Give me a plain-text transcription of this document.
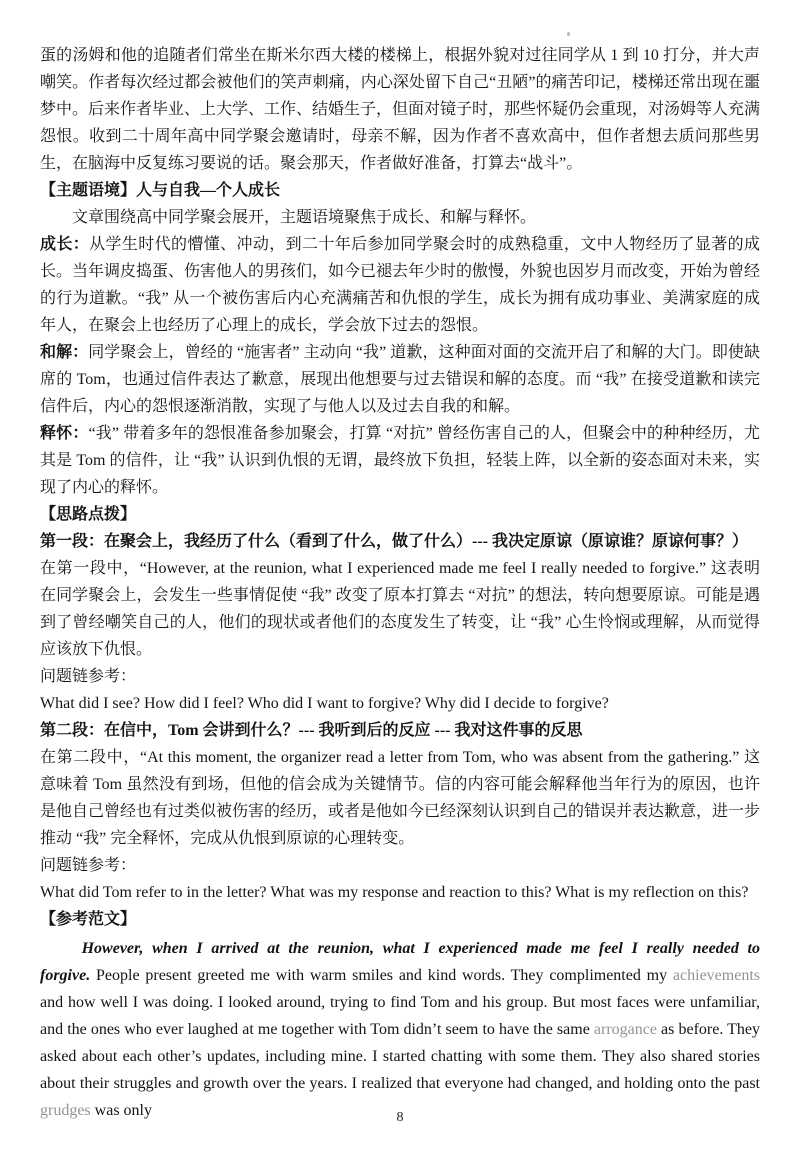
蛋的汤姆和他的追随者们常坐在斯米尔西大楼的楼梯上，根据外貌对过往同学从 1 到 10 打分，并大声嘲笑。作者每次经过都会被他们的笑声刺痛，内心深处留下自己“丑陋”的痛苦印记，楼梯还常出现在噩梦中。后来作者毕业、上大学、工作、结婚生子，但面对镜子时，那些怀疑仍会重现，对汤姆等人充满怨恨。收到二十周年高中同学聚会邀请时，母亲不解，因为作者不喜欢高中，但作者想去质问那些男生，在脑海中反复练习要说的话。聚会那天，作者做好准备，打算去“战斗”。

【主题语境】人与自我—个人成长

文章围绕高中同学聚会展开，主题语境聚焦于成长、和解与释怀。

成长：从学生时代的懵懂、冲动，到二十年后参加同学聚会时的成熟稳重，文中人物经历了显著的成长。当年调皮捣蛋、伤害他人的男孩们，如今已褪去年少时的傲慢，外貌也因岁月而改变，开始为曾经的行为道歉。“我” 从一个被伤害后内心充满痛苦和仇恨的学生，成长为拥有成功事业、美满家庭的成年人，在聚会上也经历了心理上的成长，学会放下过去的怨恨。

和解：同学聚会上，曾经的 “施害者” 主动向 “我” 道歉，这种面对面的交流开启了和解的大门。即使缺席的 Tom，也通过信件表达了歉意，展现出他想要与过去错误和解的态度。而 “我” 在接受道歉和读完信件后，内心的怨恨逐渐消散，实现了与他人以及过去自我的和解。

释怀：“我” 带着多年的怨恨准备参加聚会，打算 “对抗” 曾经伤害自己的人，但聚会中的种种经历，尤其是 Tom 的信件，让 “我” 认识到仇恨的无谓，最终放下负担，轻装上阵，以全新的姿态面对未来，实现了内心的释怀。

【思路点拨】

第一段：在聚会上，我经历了什么（看到了什么，做了什么）--- 我决定原谅（原谅谁？原谅何事？）

在第一段中，“However, at the reunion, what I experienced made me feel I really needed to forgive.” 这表明在同学聚会上，会发生一些事情促使 “我” 改变了原本打算去 “对抗” 的想法，转向想要原谅。可能是遇到了曾经嘲笑自己的人，他们的现状或者他们的态度发生了转变，让 “我” 心生怜悯或理解，从而觉得应该放下仇恨。

问题链参考：

What did I see? How did I feel? Who did I want to forgive? Why did I decide to forgive?

第二段：在信中，Tom 会讲到什么？--- 我听到后的反应 --- 我对这件事的反思

在第二段中，“At this moment, the organizer read a letter from Tom, who was absent from the gathering.” 这意味着 Tom 虽然没有到场，但他的信会成为关键情节。信的内容可能会解释他当年行为的原因，也许是他自己曾经也有过类似被伤害的经历，或者是他如今已经深刻认识到自己的错误并表达歉意，进一步推动 “我” 完全释怀，完成从仇恨到原谅的心理转变。

问题链参考：

What did Tom refer to in the letter? What was my response and reaction to this? What is my reflection on this?

【参考范文】

However, when I arrived at the reunion, what I experienced made me feel I really needed to forgive. People present greeted me with warm smiles and kind words. They complimented my achievements and how well I was doing. I looked around, trying to find Tom and his group. But most faces were unfamiliar, and the ones who ever laughed at me together with Tom didn’t seem to have the same arrogance as before. They asked about each other’s updates, including mine. I started chatting with some them. They also shared stories about their struggles and growth over the years. I realized that everyone had changed, and holding onto the past grudges was only	8
